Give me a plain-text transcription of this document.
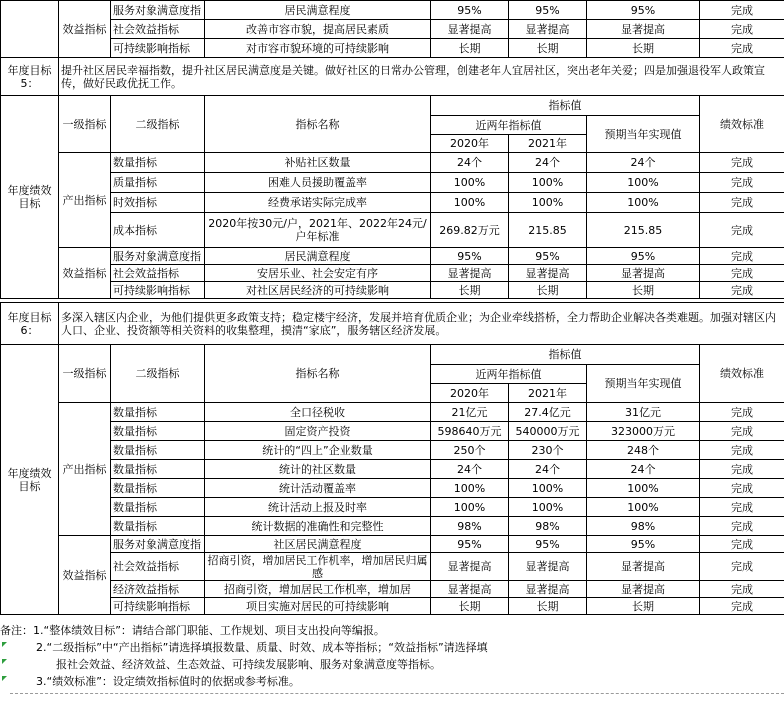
	效益指标	服务对象满意度指	居民满意程度	95%	95%	95%	完成
		社会效益指标	改善市容市貌，提高居民素质	显著提高	显著提高	显著提高	完成
		可持续影响指标	对市容市貌环境的可持续影响	长期	长期	长期	完成
年度目标5：	提升社区居民幸福指数，提升社区居民满意度是关键。做好社区的日常办公管理，创建老年人宜居社区，突出老年关爱；四是加强退役军人政策宣传，做好民政优抚工作。
年度绩效目标	一级指标	二级指标	指标名称	指标值			绩效标准
				近两年指标值		预期当年实现值	
				2020年	2021年		
	产出指标	数量指标	补贴社区数量	24个	24个	24个	完成
		质量指标	困难人员援助覆盖率	100%	100%	100%	完成
		时效指标	经费承诺实际完成率	100%	100%	100%	完成
		成本指标	2020年按30元/户，2021年、2022年24元/户年标准	269.82万元	215.85	215.85	完成
	效益指标	服务对象满意度指	居民满意程度	95%	95%	95%	完成
		社会效益指标	安居乐业、社会安定有序	显著提高	显著提高	显著提高	完成
		可持续影响指标	对社区居民经济的可持续影响	长期	长期	长期	完成
年度目标6：	多深入辖区内企业，为他们提供更多政策支持；稳定楼宇经济，发展并培育优质企业；为企业牵线搭桥，全力帮助企业解决各类难题。加强对辖区内人口、企业、投资额等相关资料的收集整理，摸清“家底”，服务辖区经济发展。
年度绩效目标	一级指标	二级指标	指标名称	指标值			绩效标准
				近两年指标值		预期当年实现值	
				2020年	2021年		
	产出指标	数量指标	全口径税收	21亿元	27.4亿元	31亿元	完成
		数量指标	固定资产投资	598640万元	540000万元	323000万元	完成
		数量指标	统计的“四上”企业数量	250个	230个	248个	完成
		数量指标	统计的社区数量	24个	24个	24个	完成
		数量指标	统计活动覆盖率	100%	100%	100%	完成
		数量指标	统计活动上报及时率	100%	100%	100%	完成
		数量指标	统计数据的准确性和完整性	98%	98%	98%	完成
	效益指标	服务对象满意度指	社区居民满意程度	95%	95%	95%	完成
		社会效益指标	招商引资，增加居民工作机率，增加居民归属感	显著提高	显著提高	显著提高	完成
		经济效益指标	招商引资，增加居民工作机率，增加居	显著提高	显著提高	显著提高	完成
		可持续影响指标	项目实施对居民的可持续影响	长期	长期	长期	完成
备注：1.“整体绩效目标”：请结合部门职能、工作规划、项目支出投向等编报。
2.“二级指标”中“产出指标”请选择填报数量、质量、时效、成本等指标；“效益指标”请选择填
报社会效益、经济效益、生态效益、可持续发展影响、服务对象满意度等指标。
3.“绩效标准”：设定绩效指标值时的依据或参考标准。
